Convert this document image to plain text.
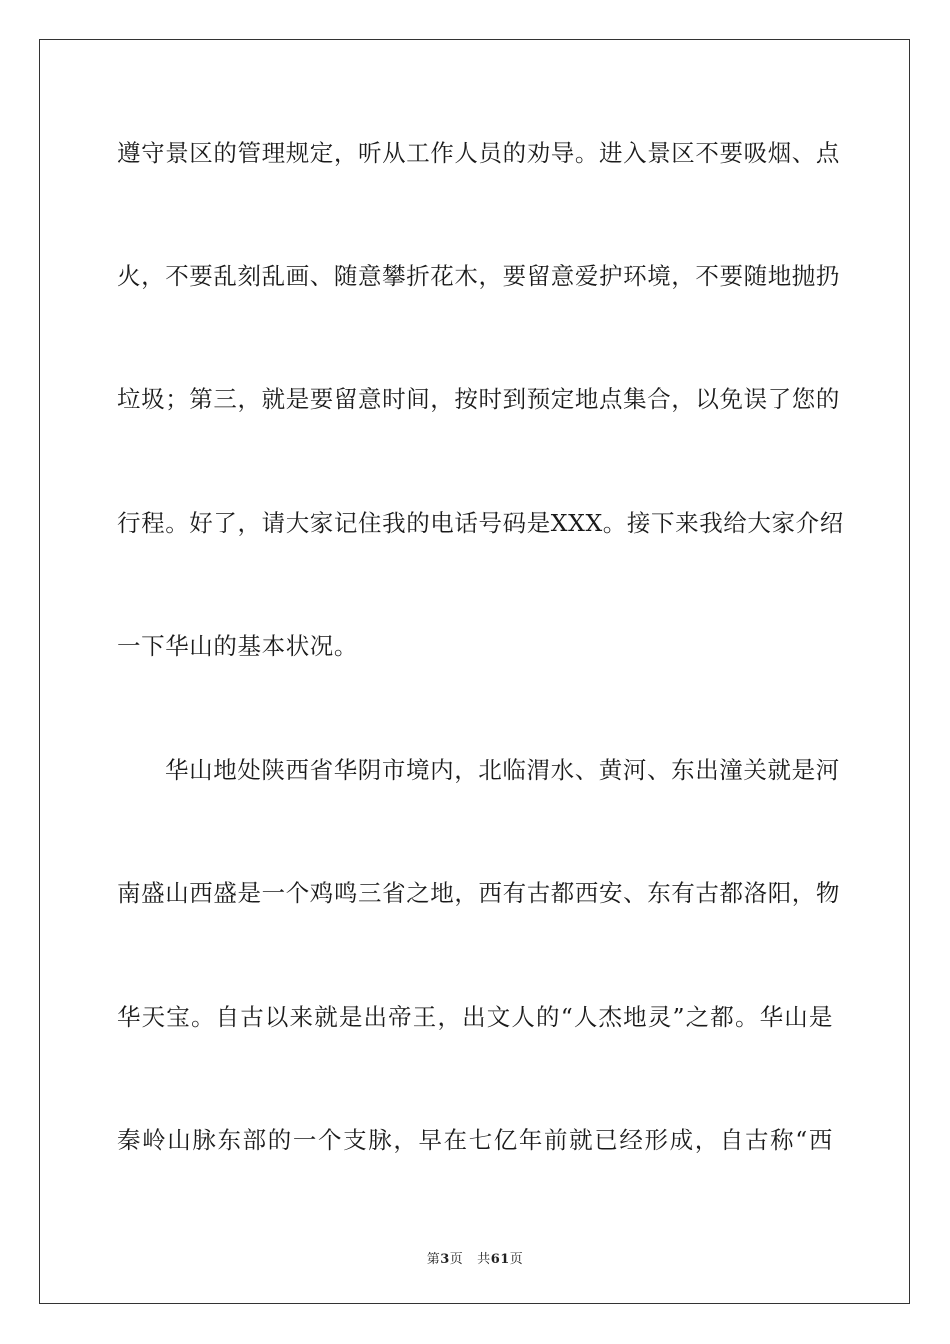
遵守景区的管理规定，听从工作人员的劝导。进入景区不要吸烟、点
火，不要乱刻乱画、随意攀折花木，要留意爱护环境，不要随地抛扔
垃圾；第三，就是要留意时间，按时到预定地点集合，以免误了您的
行程。好了，请大家记住我的电话号码是XXX。接下来我给大家介绍
一下华山的基本状况。
华山地处陕西省华阴市境内，北临渭水、黄河、东出潼关就是河
南盛山西盛是一个鸡鸣三省之地，西有古都西安、东有古都洛阳，物
华天宝。自古以来就是出帝王，出文人的“人杰地灵”之都。华山是
秦岭山脉东部的一个支脉，早在七亿年前就已经形成，自古称“西
第3页 共61页
